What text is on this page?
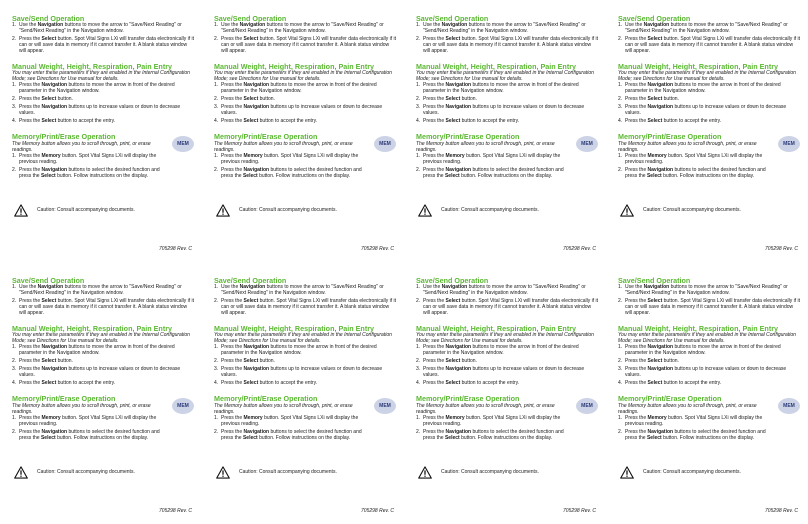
Save/Send Operation
1. Use the Navigation buttons to move the arrow to "Save/Next Reading" or "Send/Next Reading" in the Navigation window.
2. Press the Select button. Spot Vital Signs LXi will transfer data electronically if it can or will save data in memory if it cannot transfer it. A blank status window will appear.
Manual Weight, Height, Respiration, Pain Entry

You may enter these parameters if they are enabled in the Internal Configuration Mode; see Directions for Use manual for details.

1. Press the Navigation buttons to move the arrow in front of the desired parameter in the Navigation window.
2. Press the Select button.
3. Press the Navigation buttons up to increase values or down to decrease values.
4. Press the Select button to accept the entry.
Memory/Print/Erase Operation

The Memory button allows you to scroll through, print, or erase readings.

MEM
1. Press the Memory button. Spot Vital Signs LXi will display the previous reading.
2. Press the Navigation buttons to select the desired function and press the Select button. Follow instructions on the display.
Caution: Consult accompanying documents.
705298 Rev. C
Save/Send Operation
1. Use the Navigation buttons to move the arrow to "Save/Next Reading" or "Send/Next Reading" in the Navigation window.
2. Press the Select button. Spot Vital Signs LXi will transfer data electronically if it can or will save data in memory if it cannot transfer it. A blank status window will appear.
Manual Weight, Height, Respiration, Pain Entry

You may enter these parameters if they are enabled in the Internal Configuration Mode; see Directions for Use manual for details.

1. Press the Navigation buttons to move the arrow in front of the desired parameter in the Navigation window.
2. Press the Select button.
3. Press the Navigation buttons up to increase values or down to decrease values.
4. Press the Select button to accept the entry.
Memory/Print/Erase Operation

The Memory button allows you to scroll through, print, or erase readings.

MEM
1. Press the Memory button. Spot Vital Signs LXi will display the previous reading.
2. Press the Navigation buttons to select the desired function and press the Select button. Follow instructions on the display.
Caution: Consult accompanying documents.
705298 Rev. C
Save/Send Operation
1. Use the Navigation buttons to move the arrow to "Save/Next Reading" or "Send/Next Reading" in the Navigation window.
2. Press the Select button. Spot Vital Signs LXi will transfer data electronically if it can or will save data in memory if it cannot transfer it. A blank status window will appear.
Manual Weight, Height, Respiration, Pain Entry

You may enter these parameters if they are enabled in the Internal Configuration Mode; see Directions for Use manual for details.

1. Press the Navigation buttons to move the arrow in front of the desired parameter in the Navigation window.
2. Press the Select button.
3. Press the Navigation buttons up to increase values or down to decrease values.
4. Press the Select button to accept the entry.
Memory/Print/Erase Operation

The Memory button allows you to scroll through, print, or erase readings.

MEM
1. Press the Memory button. Spot Vital Signs LXi will display the previous reading.
2. Press the Navigation buttons to select the desired function and press the Select button. Follow instructions on the display.
Caution: Consult accompanying documents.
705298 Rev. C
Save/Send Operation
1. Use the Navigation buttons to move the arrow to "Save/Next Reading" or "Send/Next Reading" in the Navigation window.
2. Press the Select button. Spot Vital Signs LXi will transfer data electronically if it can or will save data in memory if it cannot transfer it. A blank status window will appear.
Manual Weight, Height, Respiration, Pain Entry

You may enter these parameters if they are enabled in the Internal Configuration Mode; see Directions for Use manual for details.

1. Press the Navigation buttons to move the arrow in front of the desired parameter in the Navigation window.
2. Press the Select button.
3. Press the Navigation buttons up to increase values or down to decrease values.
4. Press the Select button to accept the entry.
Memory/Print/Erase Operation

The Memory button allows you to scroll through, print, or erase readings.

MEM
1. Press the Memory button. Spot Vital Signs LXi will display the previous reading.
2. Press the Navigation buttons to select the desired function and press the Select button. Follow instructions on the display.
Caution: Consult accompanying documents.
705298 Rev. C
Save/Send Operation
1. Use the Navigation buttons to move the arrow to "Save/Next Reading" or "Send/Next Reading" in the Navigation window.
2. Press the Select button. Spot Vital Signs LXi will transfer data electronically if it can or will save data in memory if it cannot transfer it. A blank status window will appear.
Manual Weight, Height, Respiration, Pain Entry

You may enter these parameters if they are enabled in the Internal Configuration Mode; see Directions for Use manual for details.

1. Press the Navigation buttons to move the arrow in front of the desired parameter in the Navigation window.
2. Press the Select button.
3. Press the Navigation buttons up to increase values or down to decrease values.
4. Press the Select button to accept the entry.
Memory/Print/Erase Operation

The Memory button allows you to scroll through, print, or erase readings.

MEM
1. Press the Memory button. Spot Vital Signs LXi will display the previous reading.
2. Press the Navigation buttons to select the desired function and press the Select button. Follow instructions on the display.
Caution: Consult accompanying documents.
705298 Rev. C
Save/Send Operation
1. Use the Navigation buttons to move the arrow to "Save/Next Reading" or "Send/Next Reading" in the Navigation window.
2. Press the Select button. Spot Vital Signs LXi will transfer data electronically if it can or will save data in memory if it cannot transfer it. A blank status window will appear.
Manual Weight, Height, Respiration, Pain Entry

You may enter these parameters if they are enabled in the Internal Configuration Mode; see Directions for Use manual for details.

1. Press the Navigation buttons to move the arrow in front of the desired parameter in the Navigation window.
2. Press the Select button.
3. Press the Navigation buttons up to increase values or down to decrease values.
4. Press the Select button to accept the entry.
Memory/Print/Erase Operation

The Memory button allows you to scroll through, print, or erase readings.

MEM
1. Press the Memory button. Spot Vital Signs LXi will display the previous reading.
2. Press the Navigation buttons to select the desired function and press the Select button. Follow instructions on the display.
Caution: Consult accompanying documents.
705298 Rev. C
Save/Send Operation
1. Use the Navigation buttons to move the arrow to "Save/Next Reading" or "Send/Next Reading" in the Navigation window.
2. Press the Select button. Spot Vital Signs LXi will transfer data electronically if it can or will save data in memory if it cannot transfer it. A blank status window will appear.
Manual Weight, Height, Respiration, Pain Entry

You may enter these parameters if they are enabled in the Internal Configuration Mode; see Directions for Use manual for details.

1. Press the Navigation buttons to move the arrow in front of the desired parameter in the Navigation window.
2. Press the Select button.
3. Press the Navigation buttons up to increase values or down to decrease values.
4. Press the Select button to accept the entry.
Memory/Print/Erase Operation

The Memory button allows you to scroll through, print, or erase readings.

MEM
1. Press the Memory button. Spot Vital Signs LXi will display the previous reading.
2. Press the Navigation buttons to select the desired function and press the Select button. Follow instructions on the display.
Caution: Consult accompanying documents.
705298 Rev. C
Save/Send Operation
1. Use the Navigation buttons to move the arrow to "Save/Next Reading" or "Send/Next Reading" in the Navigation window.
2. Press the Select button. Spot Vital Signs LXi will transfer data electronically if it can or will save data in memory if it cannot transfer it. A blank status window will appear.
Manual Weight, Height, Respiration, Pain Entry

You may enter these parameters if they are enabled in the Internal Configuration Mode; see Directions for Use manual for details.

1. Press the Navigation buttons to move the arrow in front of the desired parameter in the Navigation window.
2. Press the Select button.
3. Press the Navigation buttons up to increase values or down to decrease values.
4. Press the Select button to accept the entry.
Memory/Print/Erase Operation

The Memory button allows you to scroll through, print, or erase readings.

MEM
1. Press the Memory button. Spot Vital Signs LXi will display the previous reading.
2. Press the Navigation buttons to select the desired function and press the Select button. Follow instructions on the display.
Caution: Consult accompanying documents.
705298 Rev. C
